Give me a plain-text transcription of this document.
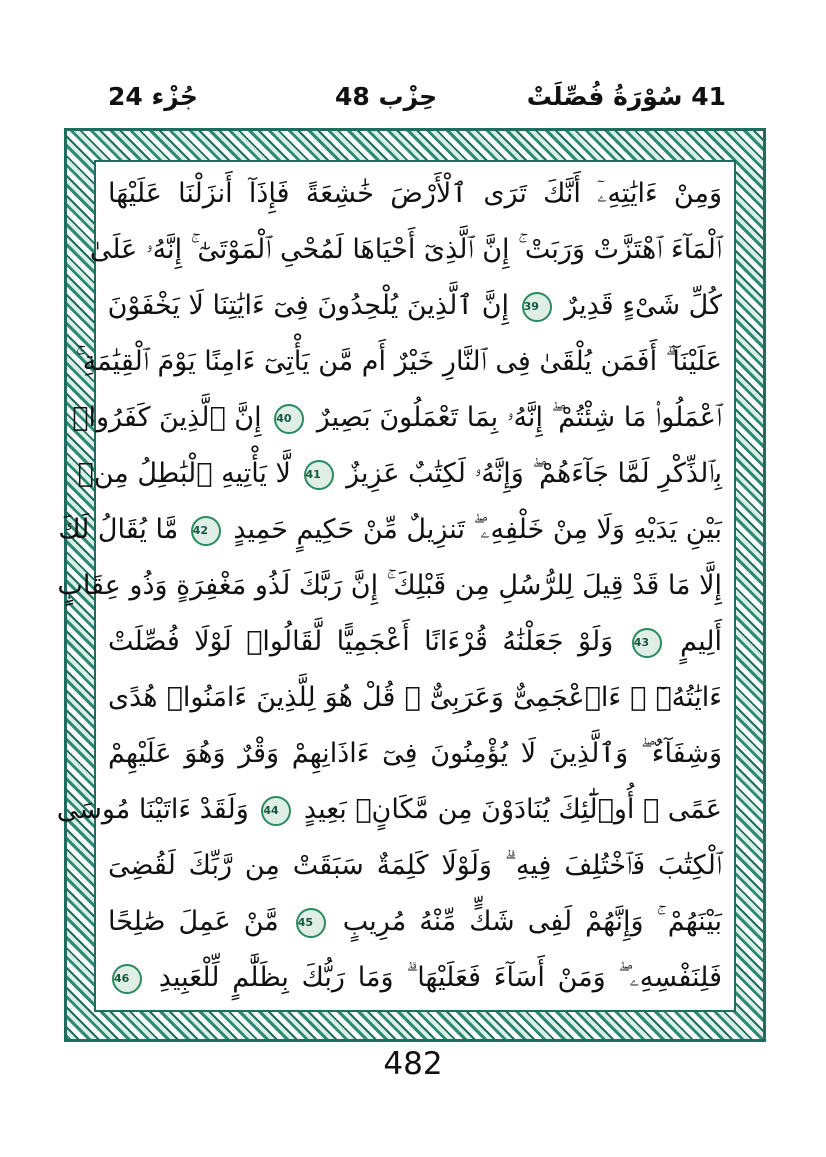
جُزْء 24	حِزْب 48	41 سُوْرَةُ فُصِّلَتْ
وَمِنْ ءَايَٰتِهِۦٓ أَنَّكَ تَرَى ٱلْأَرْضَ خَٰشِعَةً فَإِذَآ أَنزَلْنَا عَلَيْهَا
ٱلْمَآءَ ٱهْتَزَّتْ وَرَبَتْ ۚ إِنَّ ٱلَّذِىٓ أَحْيَاهَا لَمُحْىِ ٱلْمَوْتَىٰٓ ۚ إِنَّهُۥ عَلَىٰ
كُلِّ شَىْءٍ قَدِيرٌ 39 إِنَّ ٱلَّذِينَ يُلْحِدُونَ فِىٓ ءَايَٰتِنَا لَا يَخْفَوْنَ
عَلَيْنَآ ۗ أَفَمَن يُلْقَىٰ فِى ٱلنَّارِ خَيْرٌ أَم مَّن يَأْتِىٓ ءَامِنًا يَوْمَ ٱلْقِيَٰمَةِ ۚ
ٱعْمَلُوا۟ مَا شِئْتُمْ ۖ إِنَّهُۥ بِمَا تَعْمَلُونَ بَصِيرٌ 40 إِنَّ ٱلَّذِينَ كَفَرُوا۟
بِٱلذِّكْرِ لَمَّا جَآءَهُمْ ۖ وَإِنَّهُۥ لَكِتَٰبٌ عَزِيزٌ 41 لَّا يَأْتِيهِ ٱلْبَٰطِلُ مِنۢ
بَيْنِ يَدَيْهِ وَلَا مِنْ خَلْفِهِۦ ۖ تَنزِيلٌ مِّنْ حَكِيمٍ حَمِيدٍ 42 مَّا يُقَالُ لَكَ
إِلَّا مَا قَدْ قِيلَ لِلرُّسُلِ مِن قَبْلِكَ ۚ إِنَّ رَبَّكَ لَذُو مَغْفِرَةٍ وَذُو عِقَابٍ
أَلِيمٍ 43 وَلَوْ جَعَلْنَٰهُ قُرْءَانًا أَعْجَمِيًّا لَّقَالُوا۟ لَوْلَا فُصِّلَتْ
ءَايَٰتُهُۥٓ ۖ ءَا۬عْجَمِىٌّ وَعَرَبِىٌّ ۗ قُلْ هُوَ لِلَّذِينَ ءَامَنُوا۟ هُدًى
وَشِفَآءٌ ۖ وَٱلَّذِينَ لَا يُؤْمِنُونَ فِىٓ ءَاذَانِهِمْ وَقْرٌ وَهُوَ عَلَيْهِمْ
عَمًى ۚ أُو۟لَٰٓئِكَ يُنَادَوْنَ مِن مَّكَانٍۭ بَعِيدٍ 44 وَلَقَدْ ءَاتَيْنَا مُوسَى
ٱلْكِتَٰبَ فَٱخْتُلِفَ فِيهِ ۗ وَلَوْلَا كَلِمَةٌ سَبَقَتْ مِن رَّبِّكَ لَقُضِىَ
بَيْنَهُمْ ۚ وَإِنَّهُمْ لَفِى شَكٍّ مِّنْهُ مُرِيبٍ 45 مَّنْ عَمِلَ صَٰلِحًا
فَلِنَفْسِهِۦ ۖ وَمَنْ أَسَآءَ فَعَلَيْهَا ۗ وَمَا رَبُّكَ بِظَلَّٰمٍ لِّلْعَبِيدِ 46
482
